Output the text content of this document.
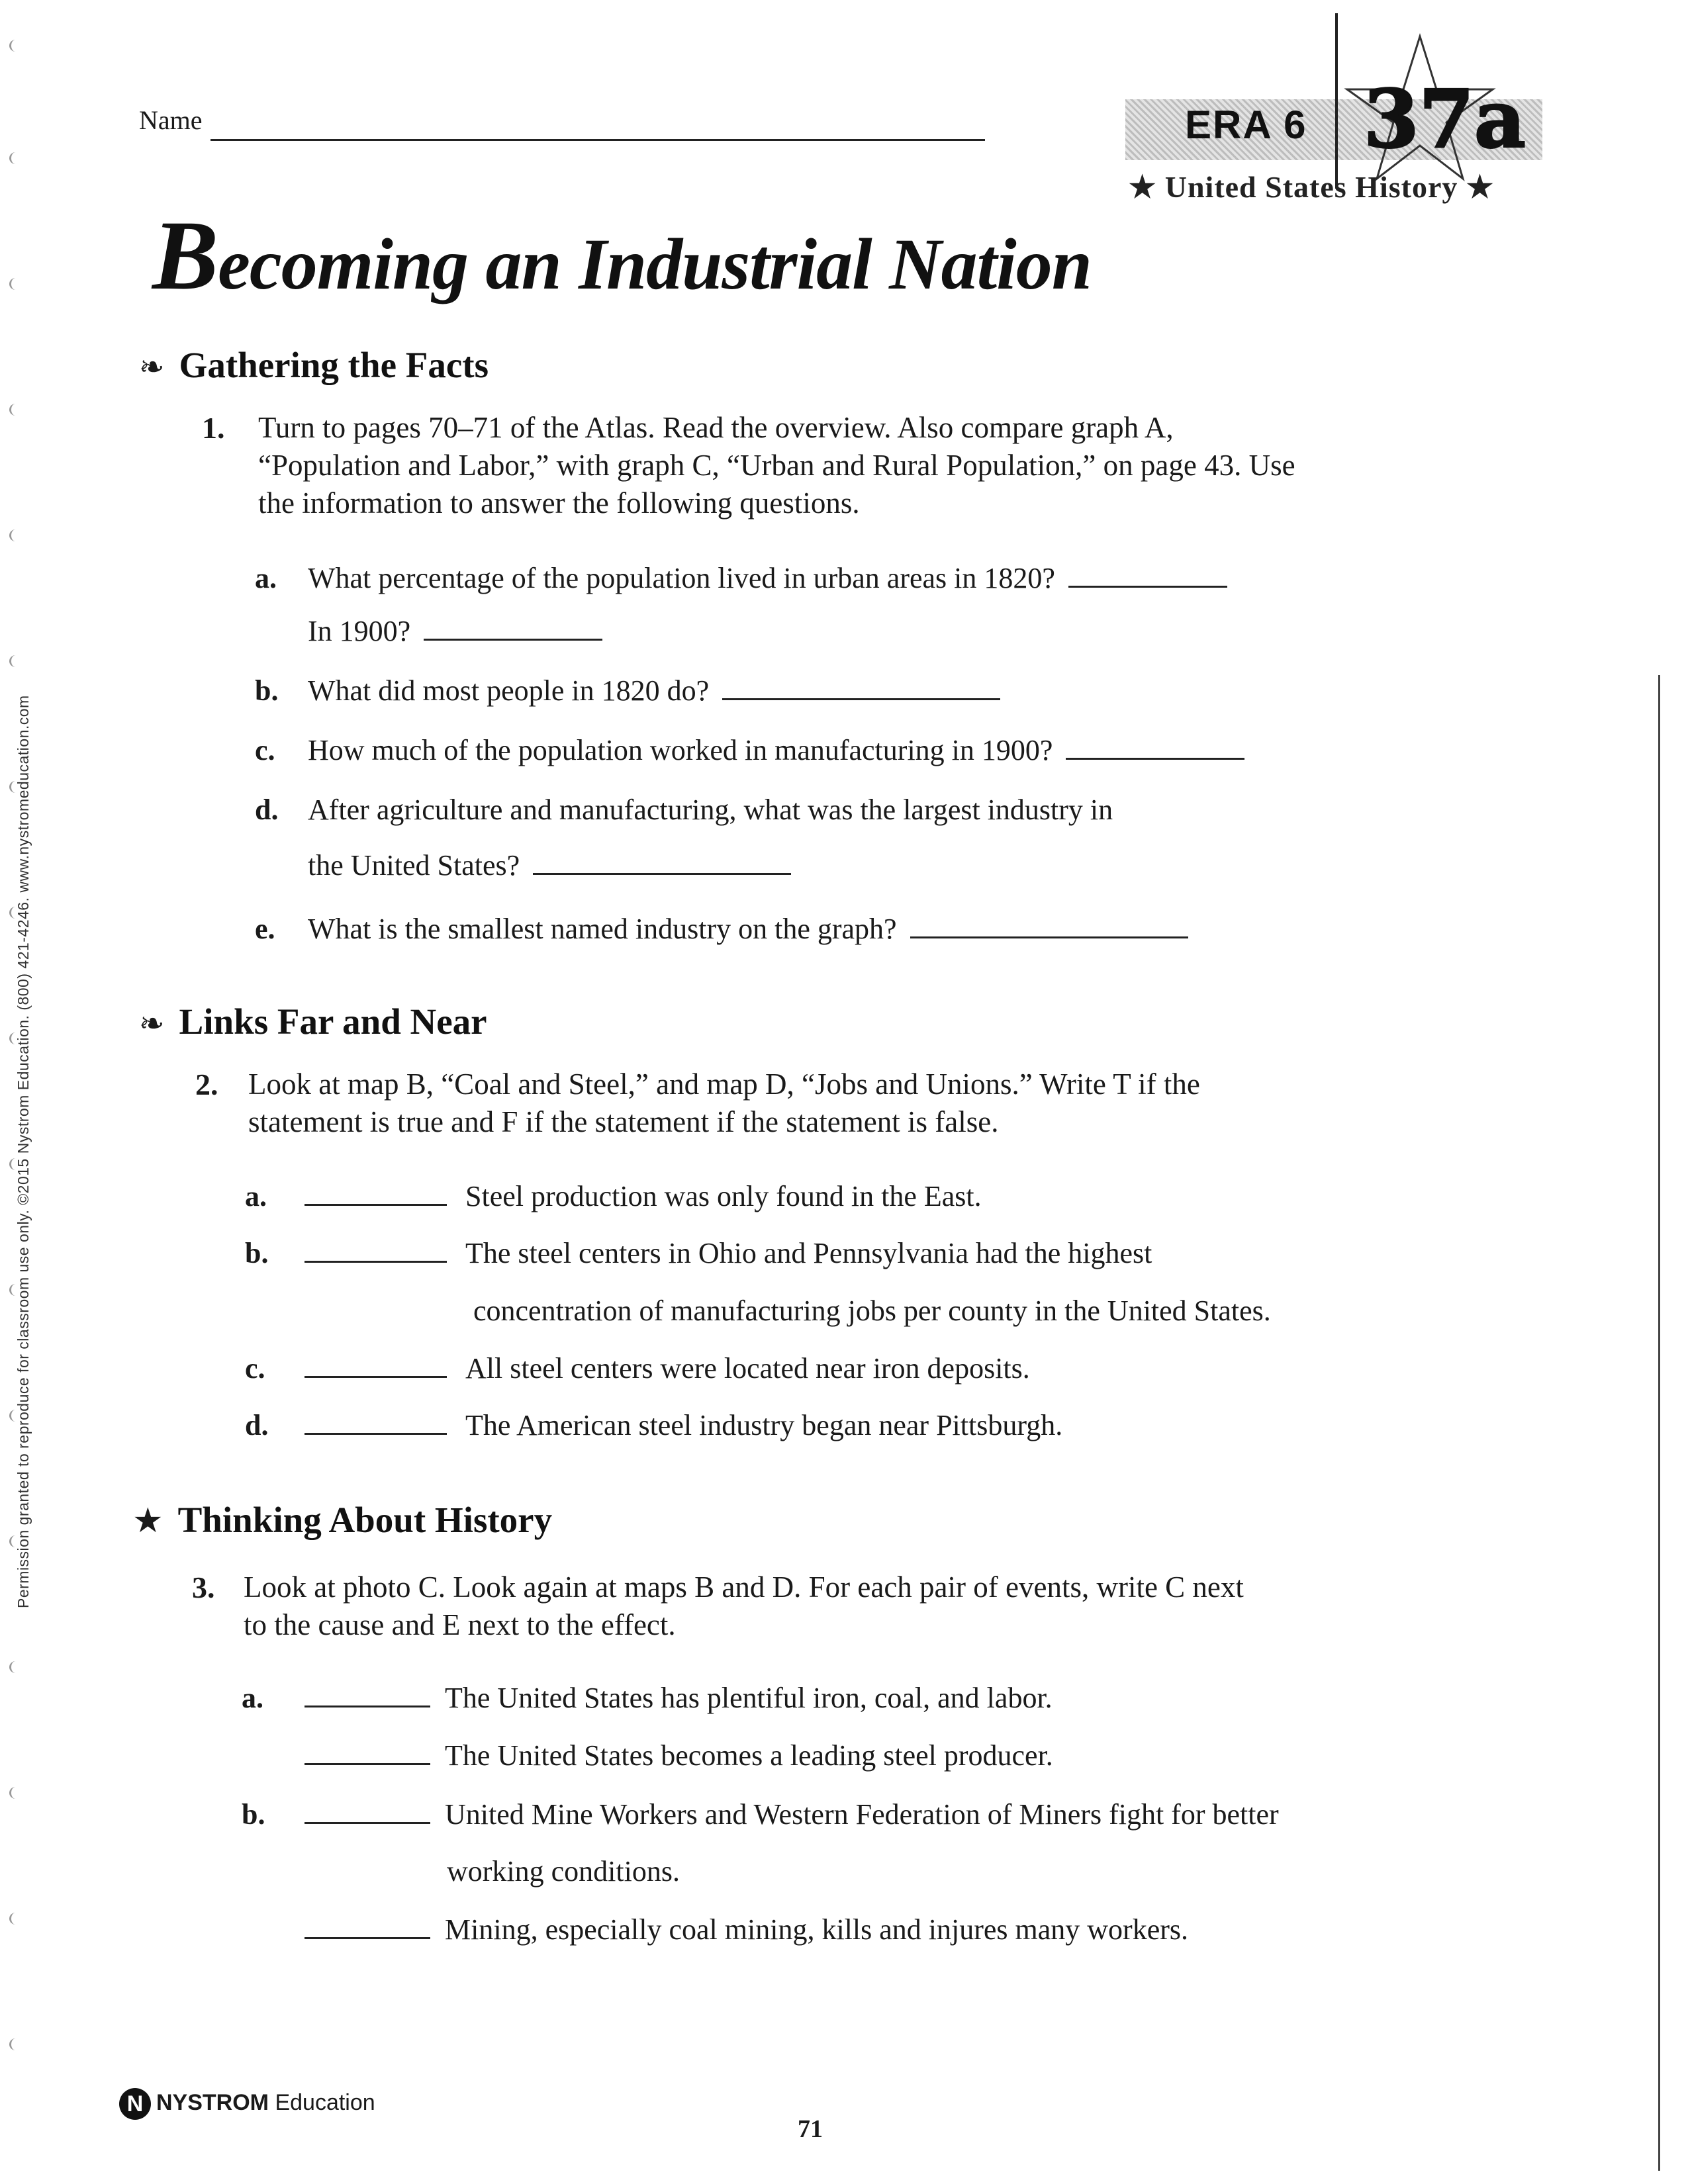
Permission granted to reproduce for classroom use only. ©2015 Nystrom Education. (800) 421-4246. www.nystromeducation.com
Name	ERA 6 37a
★ United States History ★
Becoming an Industrial Nation
❧ Gathering the Facts
1. Turn to pages 70–71 of the Atlas. Read the overview. Also compare graph A,
“Population and Labor,” with graph C, “Urban and Rural Population,” on page 43. Use
the information to answer the following questions.
a. What percentage of the population lived in urban areas in 1820?
In 1900?
b. What did most people in 1820 do?
c. How much of the population worked in manufacturing in 1900?
d. After agriculture and manufacturing, what was the largest industry in
the United States?
e. What is the smallest named industry on the graph?
❧ Links Far and Near
2. Look at map B, “Coal and Steel,” and map D, “Jobs and Unions.” Write T if the
statement is true and F if the statement if the statement is false.
a.	Steel production was only found in the East.
b.	The steel centers in Ohio and Pennsylvania had the highest
concentration of manufacturing jobs per county in the United States.
c.	All steel centers were located near iron deposits.
d.	The American steel industry began near Pittsburgh.
★ Thinking About History
3. Look at photo C. Look again at maps B and D. For each pair of events, write C next
to the cause and E next to the effect.
a.	The United States has plentiful iron, coal, and labor.
The United States becomes a leading steel producer.
b.	United Mine Workers and Western Federation of Miners fight for better
working conditions.
Mining, especially coal mining, kills and injures many workers.
N NYSTROM Education
71
